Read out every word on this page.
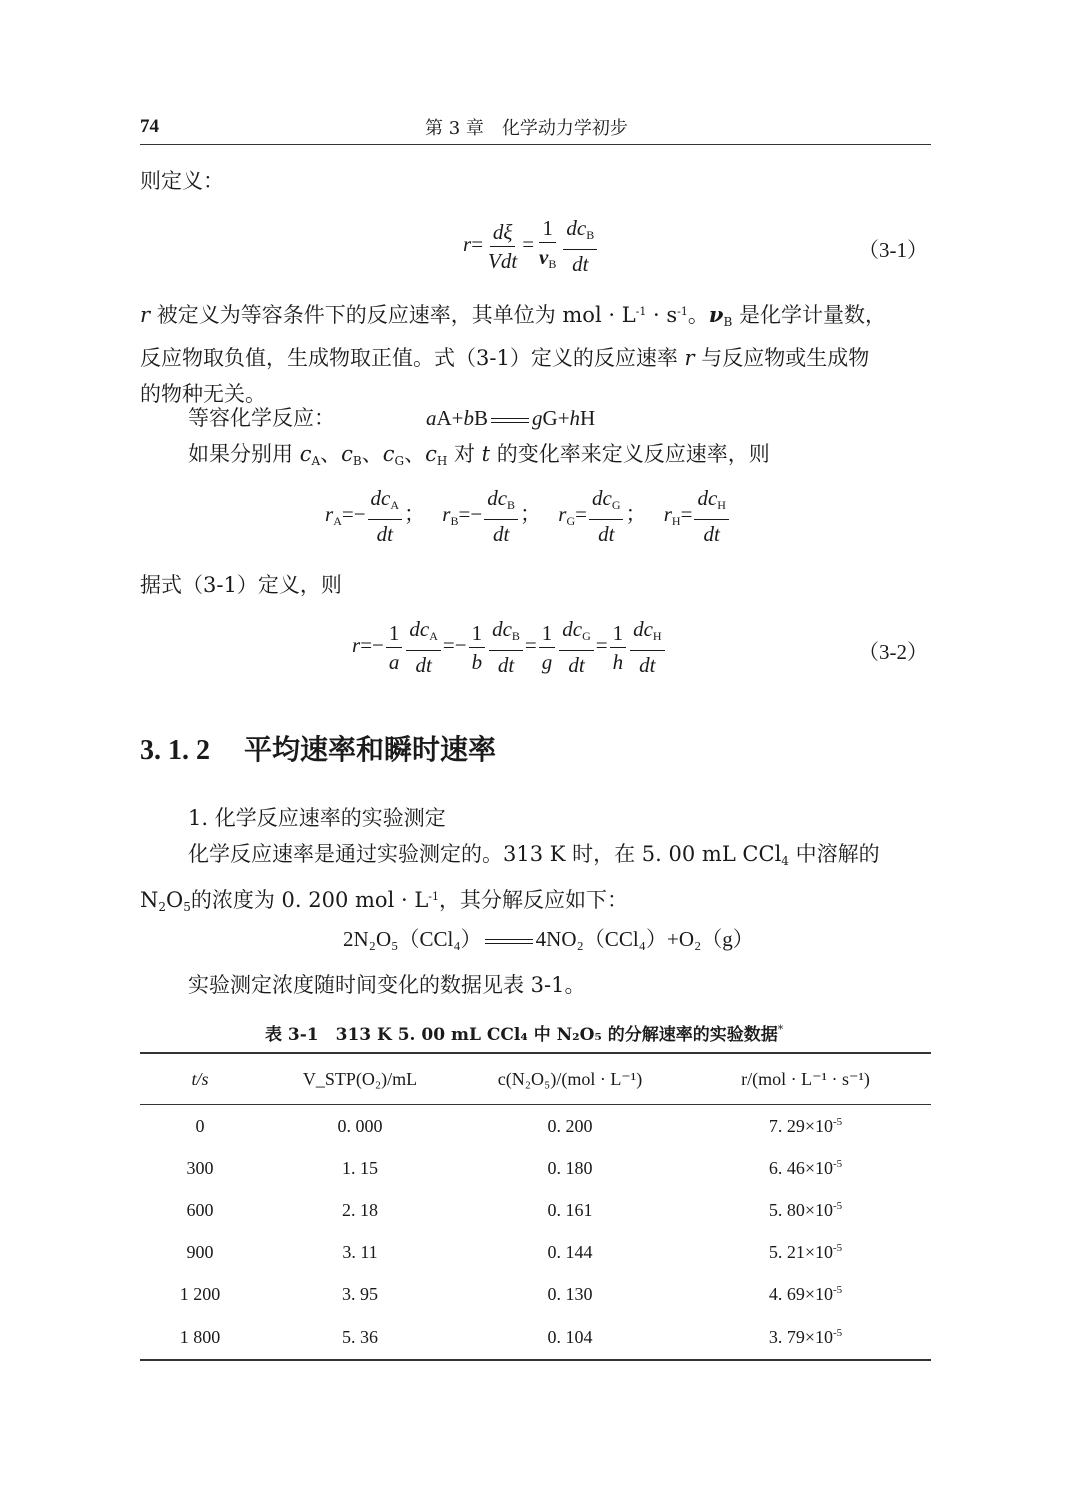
74	第 3 章　化学动力学初步
则定义：
$r= \frac{d\xi}{\text{Vdt}} = \frac{1}{\nu_B} \frac{dc_B}{dt}$	（3-1）
r 被定义为等容条件下的反应速率，其单位为 mol · $L^{-1} \cdot s^{-1}$。$\nu_B$ 是化学计量数，
反应物取负值，生成物取正值。式（3-1）定义的反应速率 r 与反应物或生成物
的物种无关。
等容化学反应：	aA+bB gG+hH
如果分别用 $c_A$、$c_B$、$c_G$、$c_H$ 对 t 的变化率来定义反应速率，则
$r_A=- \frac{dc_A}{dt}$ ； $r_B=- \frac{dc_B}{dt}$ ； $r_G= \frac{dc_G}{dt}$ ； $r_H= \frac{dc_H}{dt}$
据式（3-1）定义，则
$r=- \frac{1}{a} \frac{dc_A}{dt} =- \frac{1}{b} \frac{dc_B}{dt} = \frac{1}{g} \frac{dc_G}{dt} = \frac{1}{h} \frac{dc_H}{dt}$	（3-2）
3. 1. 2 平均速率和瞬时速率
1. 化学反应速率的实验测定
化学反应速率是通过实验测定的。313 K 时，在 5. 00 mL CCl$_4$ 中溶解的
$N_2O_5$的浓度为 0. 200 mol · $L^{-1}$，其分解反应如下：
2N₂O₅（CCl₄）	4NO₂（CCl₄）+O₂（g）
实验测定浓度随时间变化的数据见表 3-1。
表 3-1　313 K 5. 00 mL CCl₄ 中 N₂O₅ 的分解速率的实验数据*
t/s	V_STP(O₂)/mL	c(N₂O₅)/(mol · L⁻¹)	r/(mol · L⁻¹ · s⁻¹)
0	0. 000	0. 200	7. $29\times 10^{-5}$
300	1. 15	0. 180	6. $46\times 10^{-5}$
600	2. 18	0. 161	5. $80\times 10^{-5}$
900	3. 11	0. 144	5. $21\times 10^{-5}$
1 200	3. 95	0. 130	4. $69\times 10^{-5}$
1 800	5. 36	0. 104	3. $79\times 10^{-5}$
